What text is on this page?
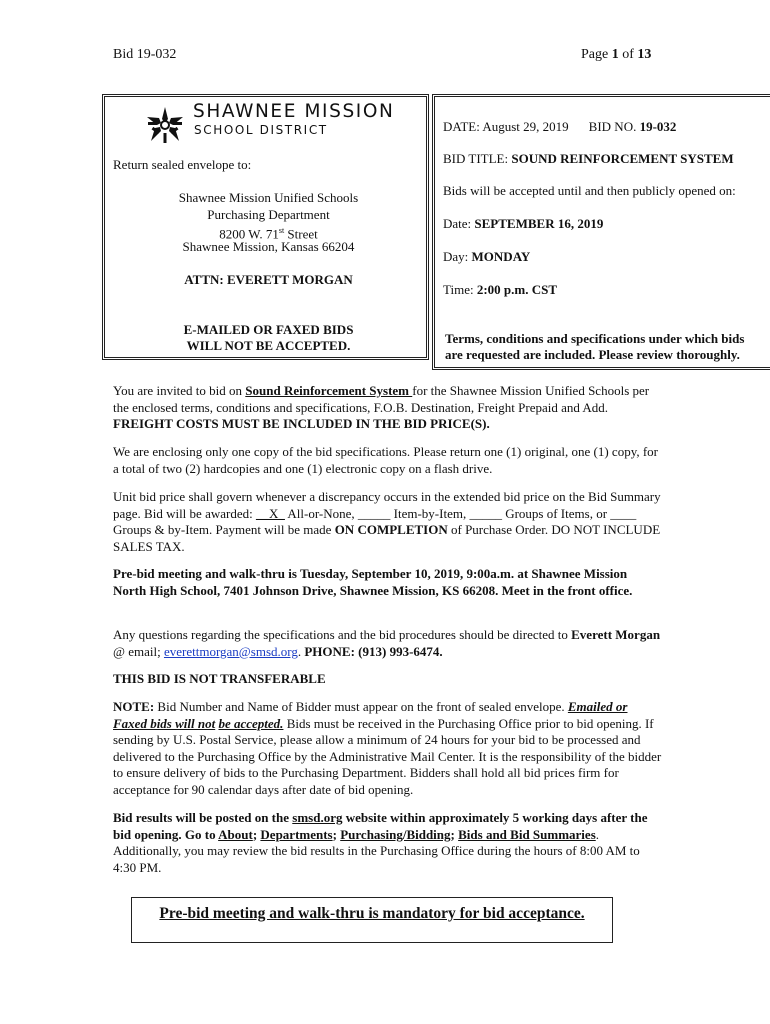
Bid 19-032	Page 1 of 13
SHAWNEE MISSION
SCHOOL DISTRICT
Return sealed envelope to:
Shawnee Mission Unified Schools
Purchasing Department
8200 W. 71st Street
Shawnee Mission, Kansas 66204
ATTN: EVERETT MORGAN
E-MAILED OR FAXED BIDS
WILL NOT BE ACCEPTED.
DATE: August 29, 2019 BID NO. 19-032
BID TITLE: SOUND REINFORCEMENT SYSTEM
Bids will be accepted until and then publicly opened on:
Date: SEPTEMBER 16, 2019
Day: MONDAY
Time: 2:00 p.m. CST
Terms, conditions and specifications under which bids
are requested are included. Please review thoroughly.
You are invited to bid on Sound Reinforcement System for the Shawnee Mission Unified Schools per the enclosed terms, conditions and specifications, F.O.B. Destination, Freight Prepaid and Add. FREIGHT COSTS MUST BE INCLUDED IN THE BID PRICE(S).
We are enclosing only one copy of the bid specifications. Please return one (1) original, one (1) copy, for a total of two (2) hardcopies and one (1) electronic copy on a flash drive.
Unit bid price shall govern whenever a discrepancy occurs in the extended bid price on the Bid Summary page. Bid will be awarded: __X_ All-or-None, _____ Item-by-Item, _____ Groups of Items, or ____ Groups & by-Item. Payment will be made ON COMPLETION of Purchase Order. DO NOT INCLUDE SALES TAX.
Pre-bid meeting and walk-thru is Tuesday, September 10, 2019, 9:00a.m. at Shawnee Mission North High School, 7401 Johnson Drive, Shawnee Mission, KS 66208. Meet in the front office.
Any questions regarding the specifications and the bid procedures should be directed to Everett Morgan @ email; everettmorgan@smsd.org. PHONE: (913) 993-6474.
THIS BID IS NOT TRANSFERABLE
NOTE: Bid Number and Name of Bidder must appear on the front of sealed envelope. Emailed or Faxed bids will not be accepted. Bids must be received in the Purchasing Office prior to bid opening. If sending by U.S. Postal Service, please allow a minimum of 24 hours for your bid to be processed and delivered to the Purchasing Office by the Administrative Mail Center. It is the responsibility of the bidder to ensure delivery of bids to the Purchasing Department. Bidders shall hold all bid prices firm for acceptance for 90 calendar days after date of bid opening.
Bid results will be posted on the smsd.org website within approximately 5 working days after the bid opening. Go to About; Departments; Purchasing/Bidding; Bids and Bid Summaries. Additionally, you may review the bid results in the Purchasing Office during the hours of 8:00 AM to 4:30 PM.
Pre-bid meeting and walk-thru is mandatory for bid acceptance.
